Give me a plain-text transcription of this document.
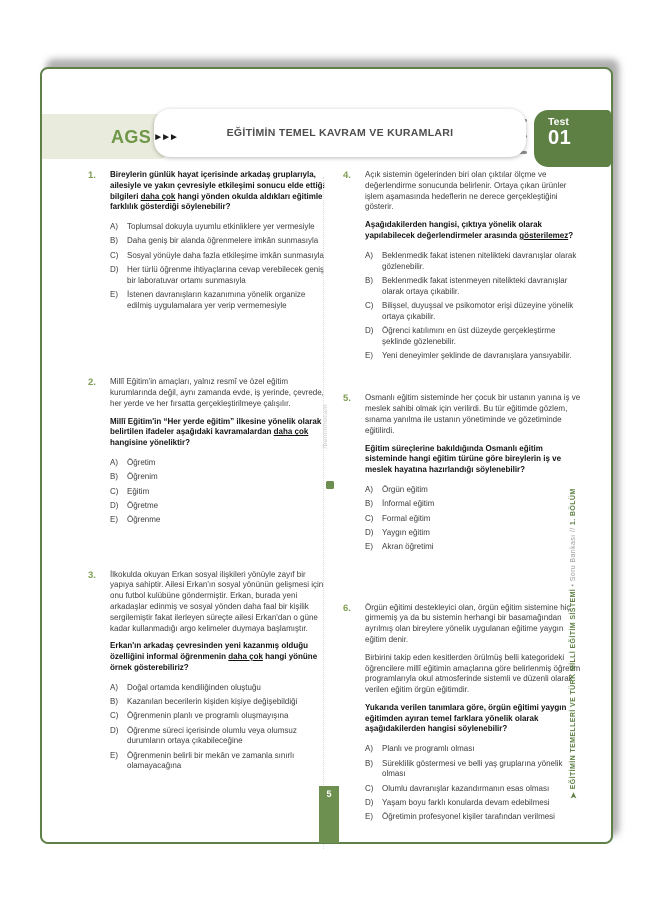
EĞİTİMİN TEMEL KAVRAM VE KURAMLARI
AGS ►►►
Test
01
1.	Bireylerin günlük hayat içerisinde arkadaş gruplarıyla, ailesiyle ve yakın çevresiyle etkileşimi sonucu elde ettiği bilgileri daha çok hangi yönden okulda aldıkları eğitimle farklılık gösterdiği söylenebilir?

A)	Toplumsal dokuyla uyumlu etkinliklere yer vermesiyle
B)	Daha geniş bir alanda öğrenmelere imkân sunmasıyla
C)	Sosyal yönüyle daha fazla etkileşime imkân sunmasıyla
D)	Her türlü öğrenme ihtiyaçlarına cevap verebilecek geniş bir laboratuvar ortamı sunmasıyla
E)	İstenen davranışların kazanımına yönelik organize edilmiş uygulamalara yer verip vermemesiyle
2.	Millî Eğitim'in amaçları, yalnız resmî ve özel eğitim kurumlarında değil, aynı zamanda evde, iş yerinde, çevrede, her yerde ve her fırsatta gerçekleştirilmeye çalışılır.

Millî Eğitim'in “Her yerde eğitim” ilkesine yönelik olarak belirtilen ifadeler aşağıdaki kavramalardan daha çok hangisine yöneliktir?

A)	Öğretim
B)	Öğrenim
C)	Eğitim
D)	Öğretme
E)	Öğrenme
3.	İlkokulda okuyan Erkan sosyal ilişkileri yönüyle zayıf bir yapıya sahiptir. Ailesi Erkan'ın sosyal yönünün gelişmesi için onu futbol kulübüne göndermiştir. Erkan, burada yeni arkadaşlar edinmiş ve sosyal yönden daha faal bir kişilik sergilemiştir fakat ilerleyen süreçte ailesi Erkan'dan o güne kadar kullanmadığı argo kelimeler duymaya başlamıştır.

Erkan'ın arkadaş çevresinden yeni kazanmış olduğu özelliğini informal öğrenmenin daha çok hangi yönüne örnek gösterebiliriz?

A)	Doğal ortamda kendiliğinden oluştuğu
B)	Kazanılan becerilerin kişiden kişiye değişebildiği
C)	Öğrenmenin planlı ve programlı oluşmayışına
D)	Öğrenme süreci içerisinde olumlu veya olumsuz durumların ortaya çıkabileceğine
E)	Öğrenmenin belirli bir mekân ve zamanla sınırlı olamayacağına
4.	Açık sistemin ögelerinden biri olan çıktılar ölçme ve değerlendirme sonucunda belirlenir. Ortaya çıkan ürünler işlem aşamasında hedeflerin ne derece gerçekleştiğini gösterir.

Aşağıdakilerden hangisi, çıktıya yönelik olarak yapılabilecek değerlendirmeler arasında gösterilemez?

A)	Beklenmedik fakat istenen nitelikteki davranışlar olarak gözlenebilir.
B)	Beklenmedik fakat istenmeyen nitelikteki davranışlar olarak ortaya çıkabilir.
C)	Bilişsel, duyuşsal ve psikomotor erişi düzeyine yönelik ortaya çıkabilir.
D)	Öğrenci katılımını en üst düzeyde gerçekleştirme şeklinde gözlenebilir.
E)	Yeni deneyimler şeklinde de davranışlara yansıyabilir.
5.	Osmanlı eğitim sisteminde her çocuk bir ustanın yanına iş ve meslek sahibi olmak için verilirdi. Bu tür eğitimde gözlem, sınama yanılma ile ustanın yönetiminde ve gözetiminde eğitilirdi.

Eğitim süreçlerine bakıldığında Osmanlı eğitim sisteminde hangi eğitim türüne göre bireylerin iş ve meslek hayatına hazırlandığı söylenebilir?

A)	Örgün eğitim
B)	İnformal eğitim
C)	Formal eğitim
D)	Yaygın eğitim
E)	Akran öğretimi
6.	Örgün eğitimi destekleyici olan, örgün eğitim sistemine hiç girmemiş ya da bu sistemin herhangi bir basamağından ayrılmış olan bireylere yönelik uygulanan eğitime yaygın eğitim denir.

Birbirini takip eden kesitlerden örülmüş belli kategorideki öğrencilere millî eğitimin amaçlarına göre belirlenmiş öğretim programlarıyla okul atmosferinde sistemli ve düzenli olarak verilen eğitim örgün eğitimdir.

Yukarıda verilen tanımlara göre, örgün eğitimi yaygın eğitimden ayıran temel farklara yönelik olarak aşağıdakilerden hangisi söylenebilir?

A)	Planlı ve programlı olması
B)	Süreklilik göstermesi ve belli yaş gruplarına yönelik olması
C)	Olumlu davranışlar kazandırmanın esas olması
D)	Yaşam boyu farklı konularda devam edebilmesi
E)	Öğretimin profesyonel kişiler tarafından verilmesi
/benimhocam
➤ EĞİTİMİN TEMELLERİ VE TÜRK MİLLİ EĞİTİM SİSTEMİ • Soru Bankası // 1. BÖLÜM
5
